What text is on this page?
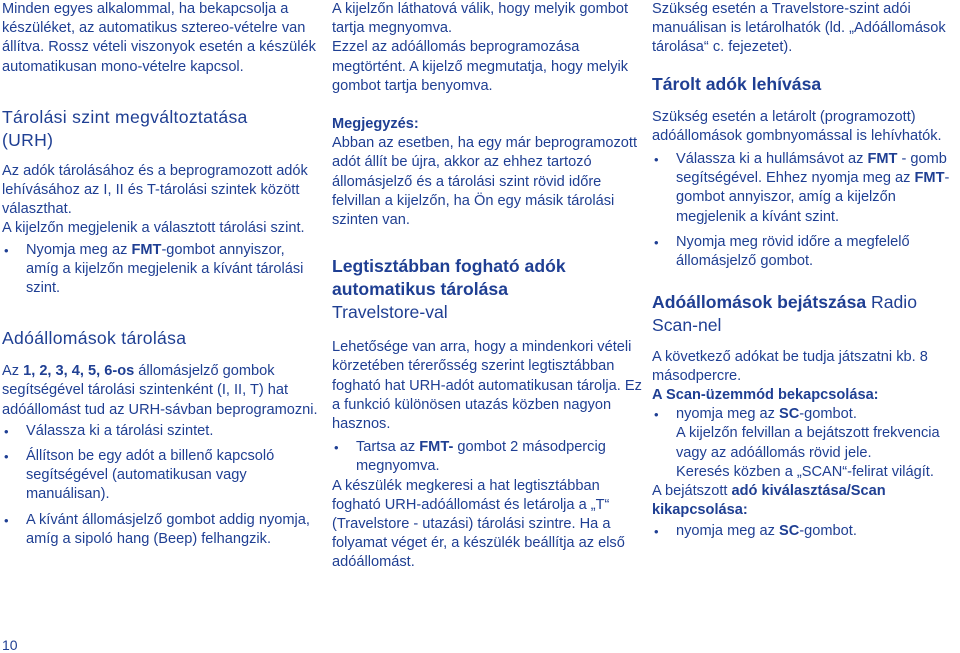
Minden egyes alkalommal, ha bekapcsolja a készüléket, az automatikus sztereo-vételre van állítva. Rossz vételi viszonyok esetén a készülék automatikusan mono-vételre kapcsol.

Tárolási szint megváltoztatása (URH)

Az adók tárolásához és a beprogramozott adók lehívásához az I, II és T-tárolási szintek között választhat.

A kijelzőn megjelenik a választott tárolási szint.

• Nyomja meg az FMT-gombot annyiszor, amíg a kijelzőn megjelenik a kívánt tárolási szint.

Adóállomások tárolása

Az 1, 2, 3, 4, 5, 6-os állomásjelző gombok segítségével tárolási szintenként (I, II, T) hat adóállomást tud az URH-sávban beprogramozni.

• Válassza ki a tárolási szintet.
• Állítson be egy adót a billenő kapcsoló segítségével (automatikusan vagy manuálisan).
• A kívánt állomásjelző gombot addig nyomja, amíg a sipoló hang (Beep) felhangzik.

A kijelzőn láthatová válik, hogy melyik gombot tartja megnyomva.

Ezzel az adóállomás beprogramozása megtörtént. A kijelző megmutatja, hogy melyik gombot tartja benyomva.

Megjegyzés:

Abban az esetben, ha egy már beprogramozott adót állít be újra, akkor az ehhez tartozó állomásjelző és a tárolási szint rövid időre felvillan a kijelzőn, ha Ön egy másik tárolási szinten van.

Legtisztábban fogható adók automatikus tárolása

Travelstore-val

Lehetősége van arra, hogy a mindenkori vételi körzetében térerősség szerint legtisztábban fogható hat URH-adót automatikusan tárolja. Ez a funkció különösen utazás közben nagyon hasznos.

• Tartsa az FMT- gombot 2 másodpercig megnyomva.

A készülék megkeresi a hat legtisztábban fogható URH-adóállomást és letárolja a „T“ (Travelstore - utazási) tárolási szintre. Ha a folyamat véget ér, a készülék beállítja az első adóállomást.

Szükség esetén a Travelstore-szint adói manuálisan is letárolhatók (ld. „Adóállomások tárolása“ c. fejezetet).

Tárolt adók lehívása

Szükség esetén a letárolt (programozott) adóállomások gombnyomással is lehívhatók.

• Válassza ki a hullámsávot az FMT - gomb segítségével. Ehhez nyomja meg az FMT-gombot annyiszor, amíg a kijelzőn megjelenik a kívánt szint.
• Nyomja meg rövid időre a megfelelő állomásjelző gombot.

Adóállomások bejátszása Radio Scan-nel

A következő adókat be tudja játszatni kb. 8 másodpercre.

A Scan-üzemmód bekapcsolása:

• nyomja meg az SC-gombot.
A kijelzőn felvillan a bejátszott frekvencia vagy az adóállomás rövid jele.
Keresés közben a „SCAN“-felirat világít.

A bejátszott adó kiválasztása/Scan kikapcsolása:

• nyomja meg az SC-gombot.
10
